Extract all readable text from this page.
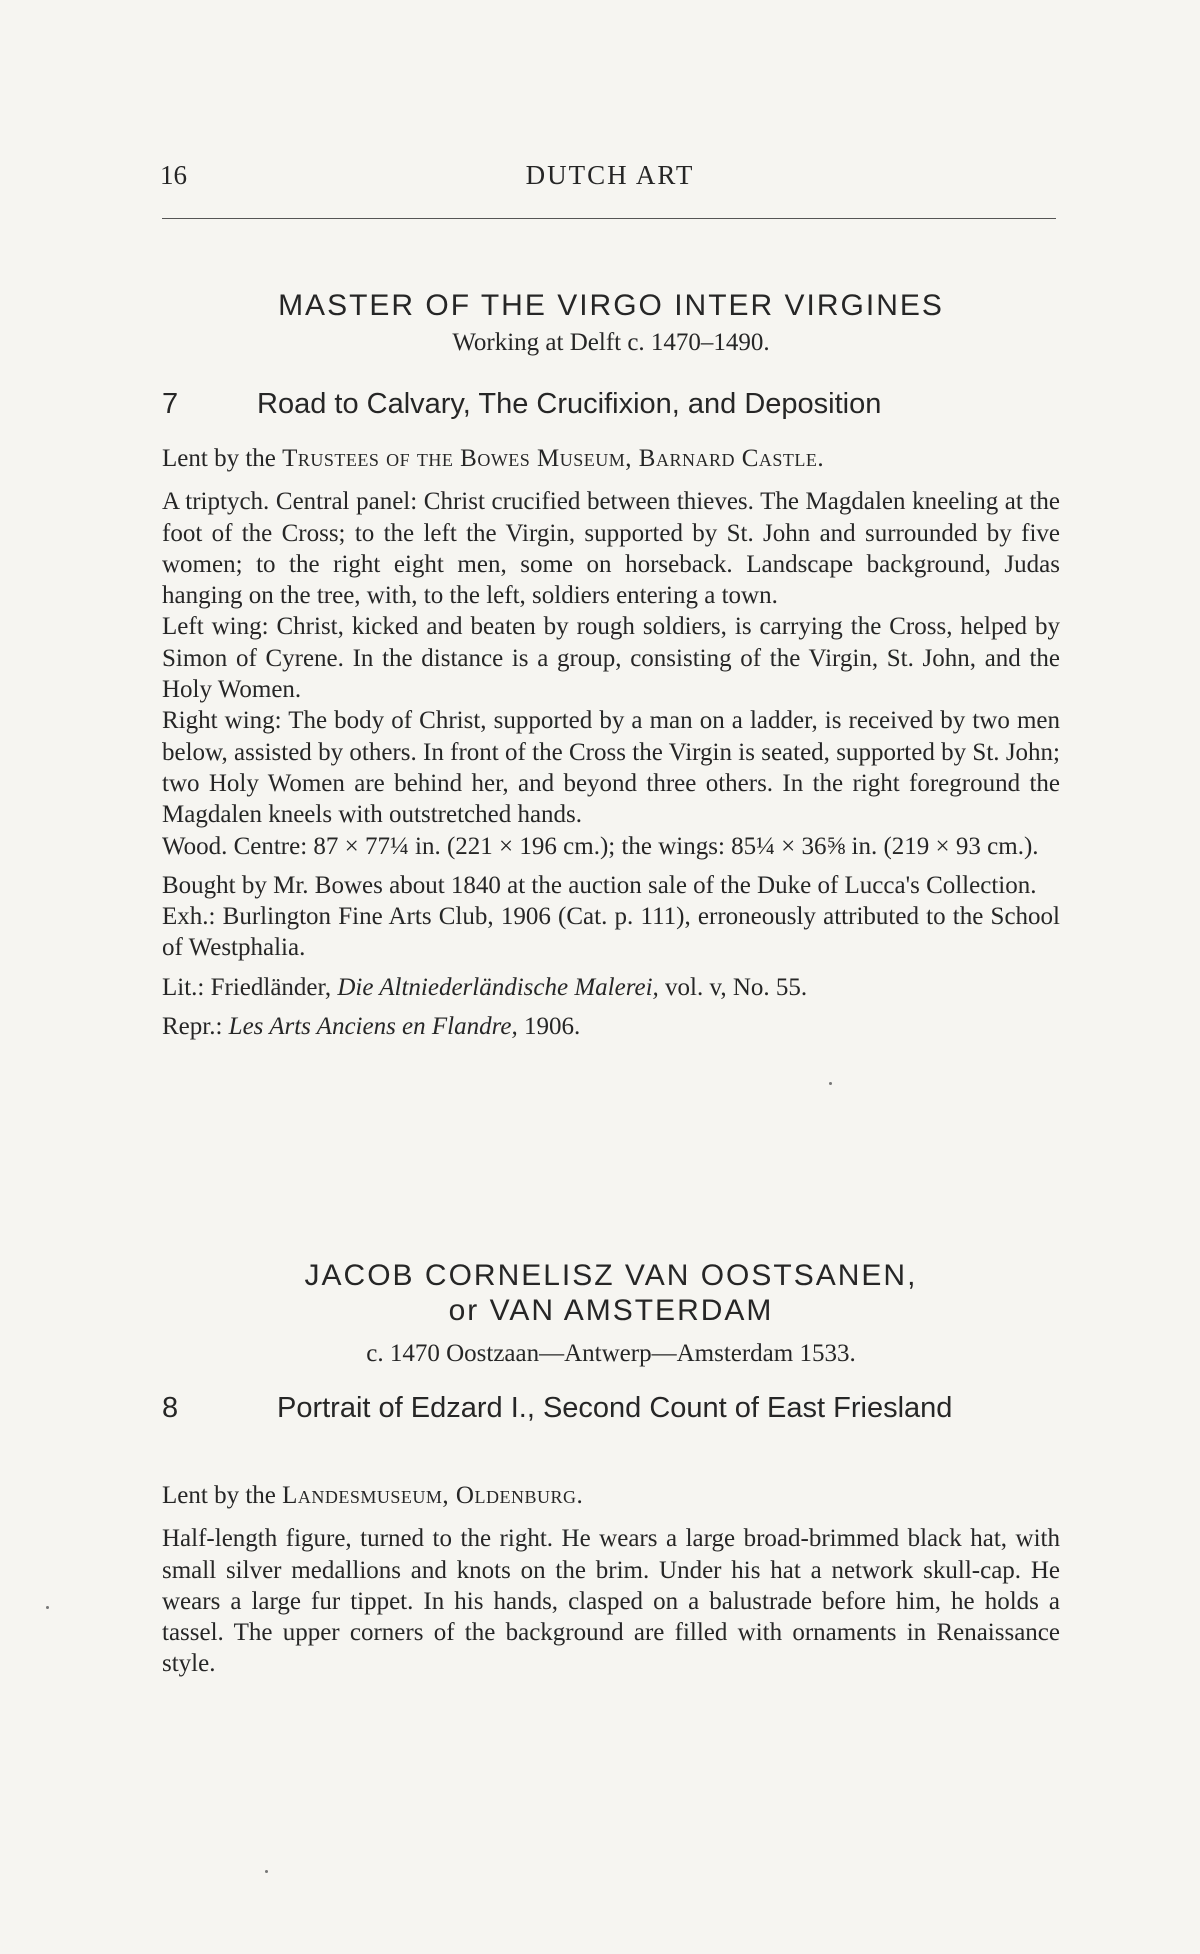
16	DUTCH ART
MASTER OF THE VIRGO INTER VIRGINES
Working at Delft c. 1470–1490.
7	Road to Calvary, The Crucifixion, and Deposition

Lent by the Trustees of the Bowes Museum, Barnard Castle.

A triptych. Central panel: Christ crucified between thieves. The Magdalen kneeling at the foot of the Cross; to the left the Virgin, supported by St. John and surrounded by five women; to the right eight men, some on horseback. Landscape background, Judas hanging on the tree, with, to the left, soldiers entering a town.

Left wing: Christ, kicked and beaten by rough soldiers, is carrying the Cross, helped by Simon of Cyrene. In the distance is a group, consisting of the Virgin, St. John, and the Holy Women.

Right wing: The body of Christ, supported by a man on a ladder, is received by two men below, assisted by others. In front of the Cross the Virgin is seated, supported by St. John; two Holy Women are behind her, and beyond three others. In the right foreground the Magdalen kneels with outstretched hands.

Wood. Centre: 87 × 77¼ in. (221 × 196 cm.); the wings: 85¼ × 36⅝ in. (219 × 93 cm.).

Bought by Mr. Bowes about 1840 at the auction sale of the Duke of Lucca's Collection.

Exh.: Burlington Fine Arts Club, 1906 (Cat. p. 111), erroneously attributed to the School of Westphalia.

Lit.: Friedländer, Die Altniederländische Malerei, vol. v, No. 55.

Repr.: Les Arts Anciens en Flandre, 1906.

JACOB CORNELISZ VAN OOSTSANEN,
or VAN AMSTERDAM
c. 1470 Oostzaan—Antwerp—Amsterdam 1533.
8	Portrait of Edzard I., Second Count of East Friesland

Lent by the Landesmuseum, Oldenburg.

Half-length figure, turned to the right. He wears a large broad-brimmed black hat, with small silver medallions and knots on the brim. Under his hat a network skull-cap. He wears a large fur tippet. In his hands, clasped on a balustrade before him, he holds a tassel. The upper corners of the background are filled with ornaments in Renaissance style.
